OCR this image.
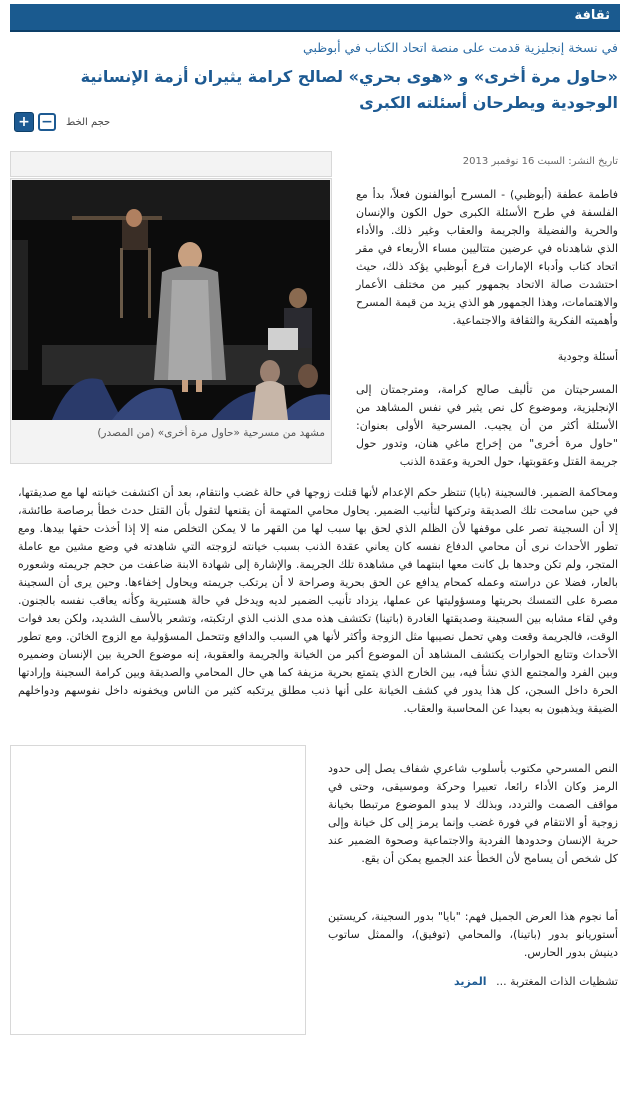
ثقافة
في نسخة إنجليزية قدمت على منصة اتحاد الكتاب في أبوظبي
«حاول مرة أخرى» و «هوى بحري» لصالح كرامة يثيران أزمة الإنسانية الوجودية ويطرحان أسئلته الكبرى
+ −	حجم الخط
تاريخ النشر: السبت 16 نوفمبر 2013
مشهد من مسرحية «حاول مرة أخرى» (من المصدر)
فاطمة عطفة (أبوظبي) - المسرح أبوالفنون فعلاً، بدأ مع الفلسفة في طرح الأسئلة الكبرى حول الكون والإنسان والحرية والفضيلة والجريمة والعقاب وغير ذلك. والأداء الذي شاهدناه في عرضين متتاليين مساء الأربعاء في مقر اتحاد كتاب وأدباء الإمارات فرع أبوظبي يؤكد ذلك، حيث احتشدت صالة الاتحاد بجمهور كبير من مختلف الأعمار والاهتمامات، وهذا الجمهور هو الذي يزيد من قيمة المسرح وأهميته الفكرية والثقافة والاجتماعية.
أسئلة وجودية
المسرحيتان من تأليف صالح كرامة، ومترجمتان إلى الإنجليزية، وموضوع كل نص يثير في نفس المشاهد من الأسئلة أكثر من أن يجيب. المسرحية الأولى بعنوان: "حاول مرة أخرى" من إخراج ماغي هنان، وتدور حول جريمة القتل وعقوبتها، حول الحرية وعقدة الذنب
ومحاكمة الضمير. فالسجينة (بايا) تنتظر حكم الإعدام لأنها قتلت زوجها في حالة غضب وانتقام، بعد أن اكتشفت خيانته لها مع صديقتها، في حين سامحت تلك الصديقة وتركتها لتأنيب الضمير. يحاول محامي المتهمة أن يقنعها لتقول بأن القتل حدث خطأ برصاصة طائشة، إلا أن السجينة تصر على موقفها لأن الظلم الذي لحق بها سبب لها من القهر ما لا يمكن التخلص منه إلا إذا أخذت حقها بيدها. ومع تطور الأحداث نرى أن محامي الدفاع نفسه كان يعاني عقدة الذنب بسبب خيانته لزوجته التي شاهدته في وضع مشين مع عاملة المتجر، ولم تكن وحدها بل كانت معها ابنتهما في مشاهدة تلك الجريمة. والإشارة إلى شهادة الابنة ضاعفت من حجم جريمته وشعوره بالعار، فضلا عن دراسته وعمله كمحام يدافع عن الحق بحرية وصراحة لا أن يرتكب جريمته ويحاول إخفاءها. وحين يرى أن السجينة مصرة على التمسك بحريتها ومسؤوليتها عن عملها، يزداد تأنيب الضمير لديه ويدخل في حالة هستيرية وكأنه يعاقب نفسه بالجنون. وفي لقاء مشابه بين السجينة وصديقتها الغادرة (باتينا) تكتشف هذه مدى الذنب الذي ارتكبته، وتشعر بالأسف الشديد، ولكن بعد فوات الوقت، فالجريمة وقعت وهي تحمل نصيبها مثل الزوجة وأكثر لأنها هي السبب والدافع وتتحمل المسؤولية مع الزوج الخائن. ومع تطور الأحداث وتتابع الحوارات يكتشف المشاهد أن الموضوع أكبر من الخيانة والجريمة والعقوبة، إنه موضوع الحرية بين الإنسان وضميره وبين الفرد والمجتمع الذي نشأ فيه، بين الخارج الذي يتمتع بحرية مزيفة كما هي حال المحامي والصديقة وبين كرامة السجينة وإرادتها الحرة داخل السجن، كل هذا يدور في كشف الخيانة على أنها ذنب مطلق يرتكبه كثير من الناس ويخفونه داخل نفوسهم ودواخلهم الضيقة ويذهبون به بعيدا عن المحاسبة والعقاب.
النص المسرحي مكتوب بأسلوب شاعري شفاف يصل إلى حدود الرمز وكان الأداء رائعا، تعبيرا وحركة وموسيقى، وحتى في مواقف الصمت والتردد، وبذلك لا يبدو الموضوع مرتبطا بخيانة زوجية أو الانتقام في فورة غضب وإنما يرمز إلى كل خيانة وإلى حرية الإنسان وحدودها الفردية والاجتماعية وصحوة الضمير عند كل شخص أن يسامح لأن الخطأ عند الجميع يمكن أن يقع.
أما نجوم هذا العرض الجميل فهم: "بايا" بدور السجينة، كريستين أستوريانو بدور (باتينا)، والمحامي (توفيق)، والممثل ساتوب دينيش بدور الحارس.
تشظيات الذات المغتربة ... المزيد
